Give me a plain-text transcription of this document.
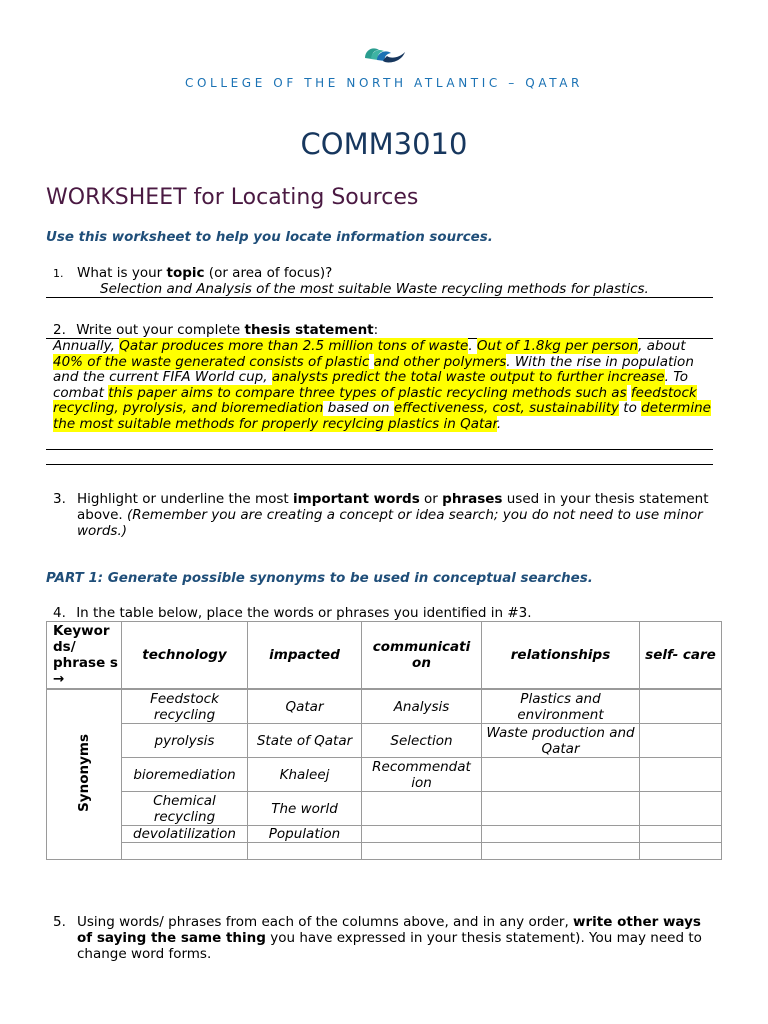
COLLEGE OF THE NORTH ATLANTIC – QATAR
COMM3010
WORKSHEET for Locating Sources
Use this worksheet to help you locate information sources.
1. What is your topic (or area of focus)?
Selection and Analysis of the most suitable Waste recycling methods for plastics.
2. Write out your complete thesis statement:

Annually, Qatar produces more than 2.5 million tons of waste. Out of 1.8kg per person, about 40% of the waste generated consists of plastic and other polymers. With the rise in population and the current FIFA World cup, analysts predict the total waste output to further increase. To combat this paper aims to compare three types of plastic recycling methods such as feedstock recycling, pyrolysis, and bioremediation based on effectiveness, cost, sustainability to determine the most suitable methods for properly recylcing plastics in Qatar.

3. Highlight or underline the most important words or phrases used in your thesis statement above. (Remember you are creating a concept or idea search; you do not need to use minor words.)
PART 1: Generate possible synonyms to be used in conceptual searches.
4. In the table below, place the words or phrases you identified in #3.
Keywor ds/ phrase s →	technology	impacted	communicati on	relationships	self- care
Synonyms	Feedstock recycling	Qatar	Analysis	Plastics and environment	
	pyrolysis	State of Qatar	Selection	Waste production and Qatar	
	bioremediation	Khaleej	Recommendat ion		
	Chemical recycling	The world			
	devolatilization	Population			

5. Using words/ phrases from each of the columns above, and in any order, write other ways of saying the same thing you have expressed in your thesis statement). You may need to change word forms.
